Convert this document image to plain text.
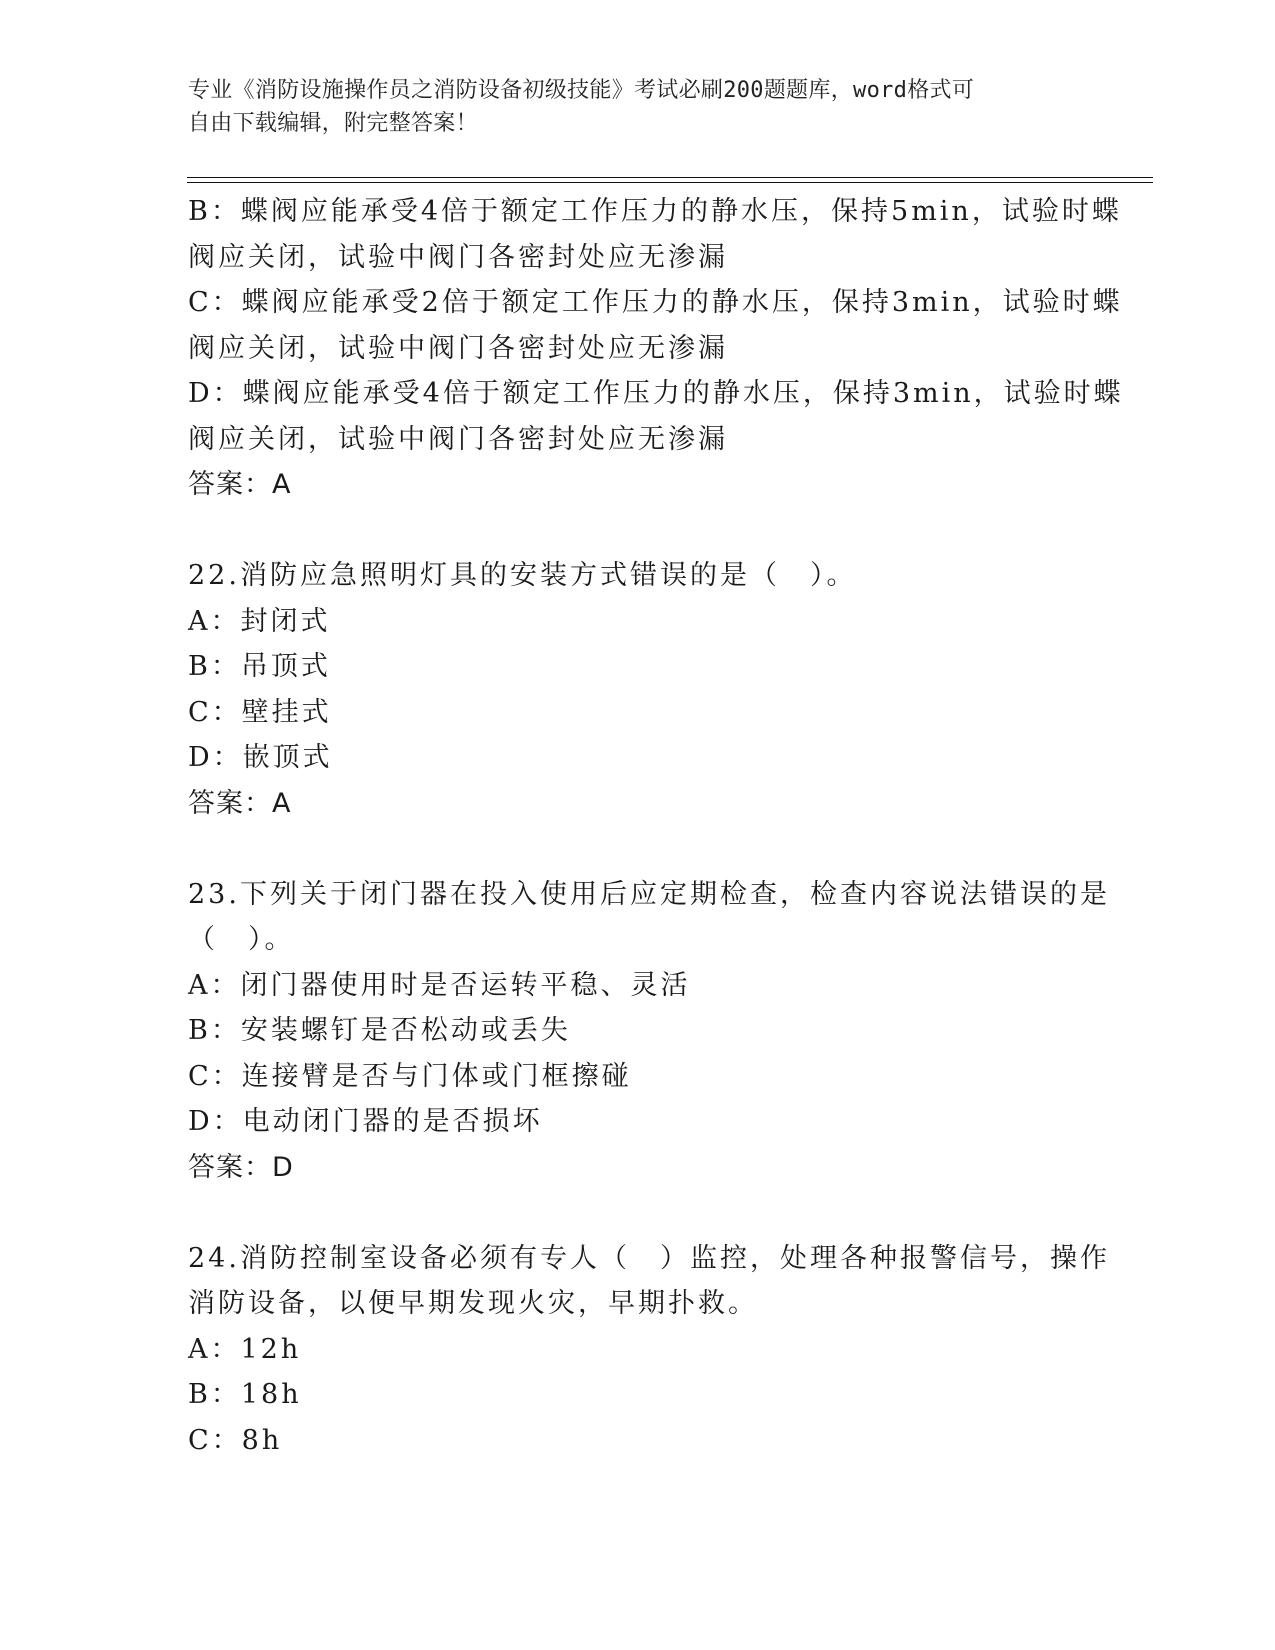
专业《消防设施操作员之消防设备初级技能》考试必刷200题题库，word格式可
自由下载编辑，附完整答案！
B：蝶阀应能承受4倍于额定工作压力的静水压，保持5min，试验时蝶
阀应关闭，试验中阀门各密封处应无渗漏
C：蝶阀应能承受2倍于额定工作压力的静水压，保持3min，试验时蝶
阀应关闭，试验中阀门各密封处应无渗漏
D：蝶阀应能承受4倍于额定工作压力的静水压，保持3min，试验时蝶
阀应关闭，试验中阀门各密封处应无渗漏
答案：A
22.消防应急照明灯具的安装方式错误的是（　）。
A：封闭式
B：吊顶式
C：壁挂式
D：嵌顶式
答案：A
23.下列关于闭门器在投入使用后应定期检查，检查内容说法错误的是
（　）。
A：闭门器使用时是否运转平稳、灵活
B：安装螺钉是否松动或丢失
C：连接臂是否与门体或门框擦碰
D：电动闭门器的是否损坏
答案：D
24.消防控制室设备必须有专人（　）监控，处理各种报警信号，操作
消防设备，以便早期发现火灾，早期扑救。
A：12h
B：18h
C：8h
